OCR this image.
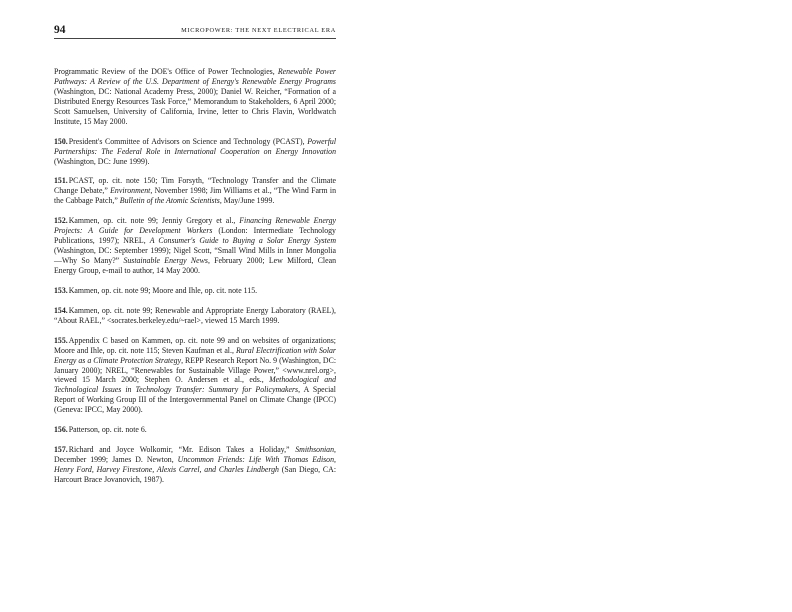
94	MICROPOWER: THE NEXT ELECTRICAL ERA

Programmatic Review of the DOE's Office of Power Technologies, Renewable Power Pathways: A Review of the U.S. Department of Energy's Renewable Energy Programs (Washington, DC: National Academy Press, 2000); Daniel W. Reicher, “Formation of a Distributed Energy Resources Task Force,” Memorandum to Stakeholders, 6 April 2000; Scott Samuelsen, University of California, Irvine, letter to Chris Flavin, Worldwatch Institute, 15 May 2000.

150.President's Committee of Advisors on Science and Technology (PCAST), Powerful Partnerships: The Federal Role in International Cooperation on Energy Innovation (Washington, DC: June 1999).

151.PCAST, op. cit. note 150; Tim Forsyth, “Technology Transfer and the Climate Change Debate,” Environment, November 1998; Jim Williams et al., “The Wind Farm in the Cabbage Patch,” Bulletin of the Atomic Scientists, May/June 1999.

152.Kammen, op. cit. note 99; Jenniy Gregory et al., Financing Renewable Energy Projects: A Guide for Development Workers (London: Intermediate Technology Publications, 1997); NREL, A Consumer's Guide to Buying a Solar Energy System (Washington, DC: September 1999); Nigel Scott, “Small Wind Mills in Inner Mongolia—Why So Many?” Sustainable Energy News, February 2000; Lew Milford, Clean Energy Group, e-mail to author, 14 May 2000.

153.Kammen, op. cit. note 99; Moore and Ihle, op. cit. note 115.

154.Kammen, op. cit. note 99; Renewable and Appropriate Energy Laboratory (RAEL), “About RAEL,” <socrates.berkeley.edu/~rael>, viewed 15 March 1999.

155.Appendix C based on Kammen, op. cit. note 99 and on websites of organizations; Moore and Ihle, op. cit. note 115; Steven Kaufman et al., Rural Electrification with Solar Energy as a Climate Protection Strategy, REPP Research Report No. 9 (Washington, DC: January 2000); NREL, “Renewables for Sustainable Village Power,” <www.nrel.org>, viewed 15 March 2000; Stephen O. Andersen et al., eds., Methodological and Technological Issues in Technology Transfer: Summary for Policymakers, A Special Report of Working Group III of the Intergovernmental Panel on Climate Change (IPCC) (Geneva: IPCC, May 2000).

156.Patterson, op. cit. note 6.

157.Richard and Joyce Wolkomir, “Mr. Edison Takes a Holiday,” Smithsonian, December 1999; James D. Newton, Uncommon Friends: Life With Thomas Edison, Henry Ford, Harvey Firestone, Alexis Carrel, and Charles Lindbergh (San Diego, CA: Harcourt Brace Jovanovich, 1987).
